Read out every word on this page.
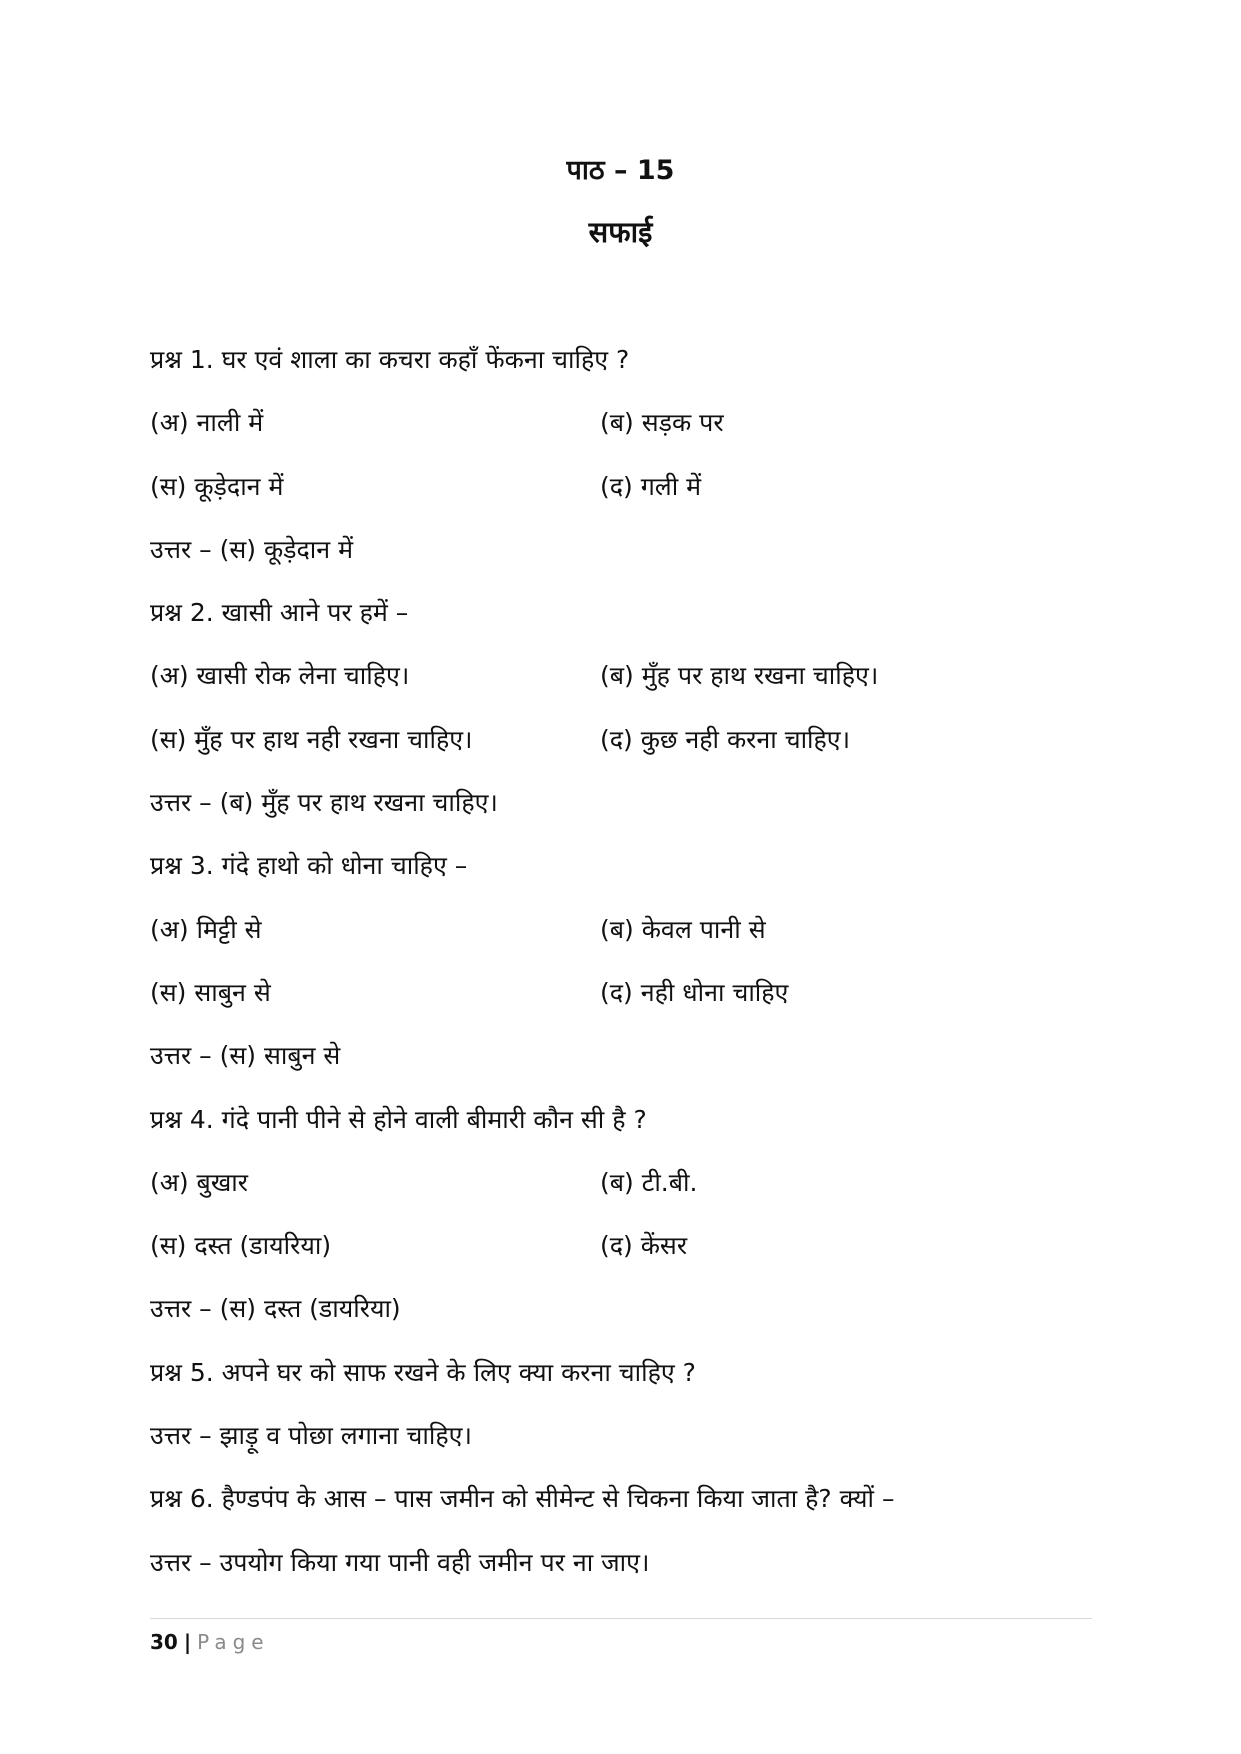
पाठ – 15
सफाई
प्रश्न 1. घर एवं शाला का कचरा कहाँ फेंकना चाहिए ?
(अ) नाली में	(ब) सड़क पर
(स) कूड़ेदान में	(द) गली में
उत्तर – (स) कूड़ेदान में
प्रश्न 2. खासी आने पर हमें –
(अ) खासी रोक लेना चाहिए।	(ब) मुँह पर हाथ रखना चाहिए।
(स) मुँह पर हाथ नही रखना चाहिए।	(द) कुछ नही करना चाहिए।
उत्तर – (ब) मुँह पर हाथ रखना चाहिए।
प्रश्न 3. गंदे हाथो को धोना चाहिए –
(अ) मिट्टी से	(ब) केवल पानी से
(स) साबुन से	(द) नही धोना चाहिए
उत्तर – (स) साबुन से
प्रश्न 4. गंदे पानी पीने से होने वाली बीमारी कौन सी है ?
(अ) बुखार	(ब) टी.बी.
(स) दस्त (डायरिया)	(द) केंसर
उत्तर – (स) दस्त (डायरिया)
प्रश्न 5. अपने घर को साफ रखने के लिए क्या करना चाहिए ?
उत्तर – झाड़ू व पोछा लगाना चाहिए।
प्रश्न 6. हैण्डपंप के आस – पास जमीन को सीमेन्ट से चिकना किया जाता है? क्यों –
उत्तर – उपयोग किया गया पानी वही जमीन पर ना जाए।
30 | Page
